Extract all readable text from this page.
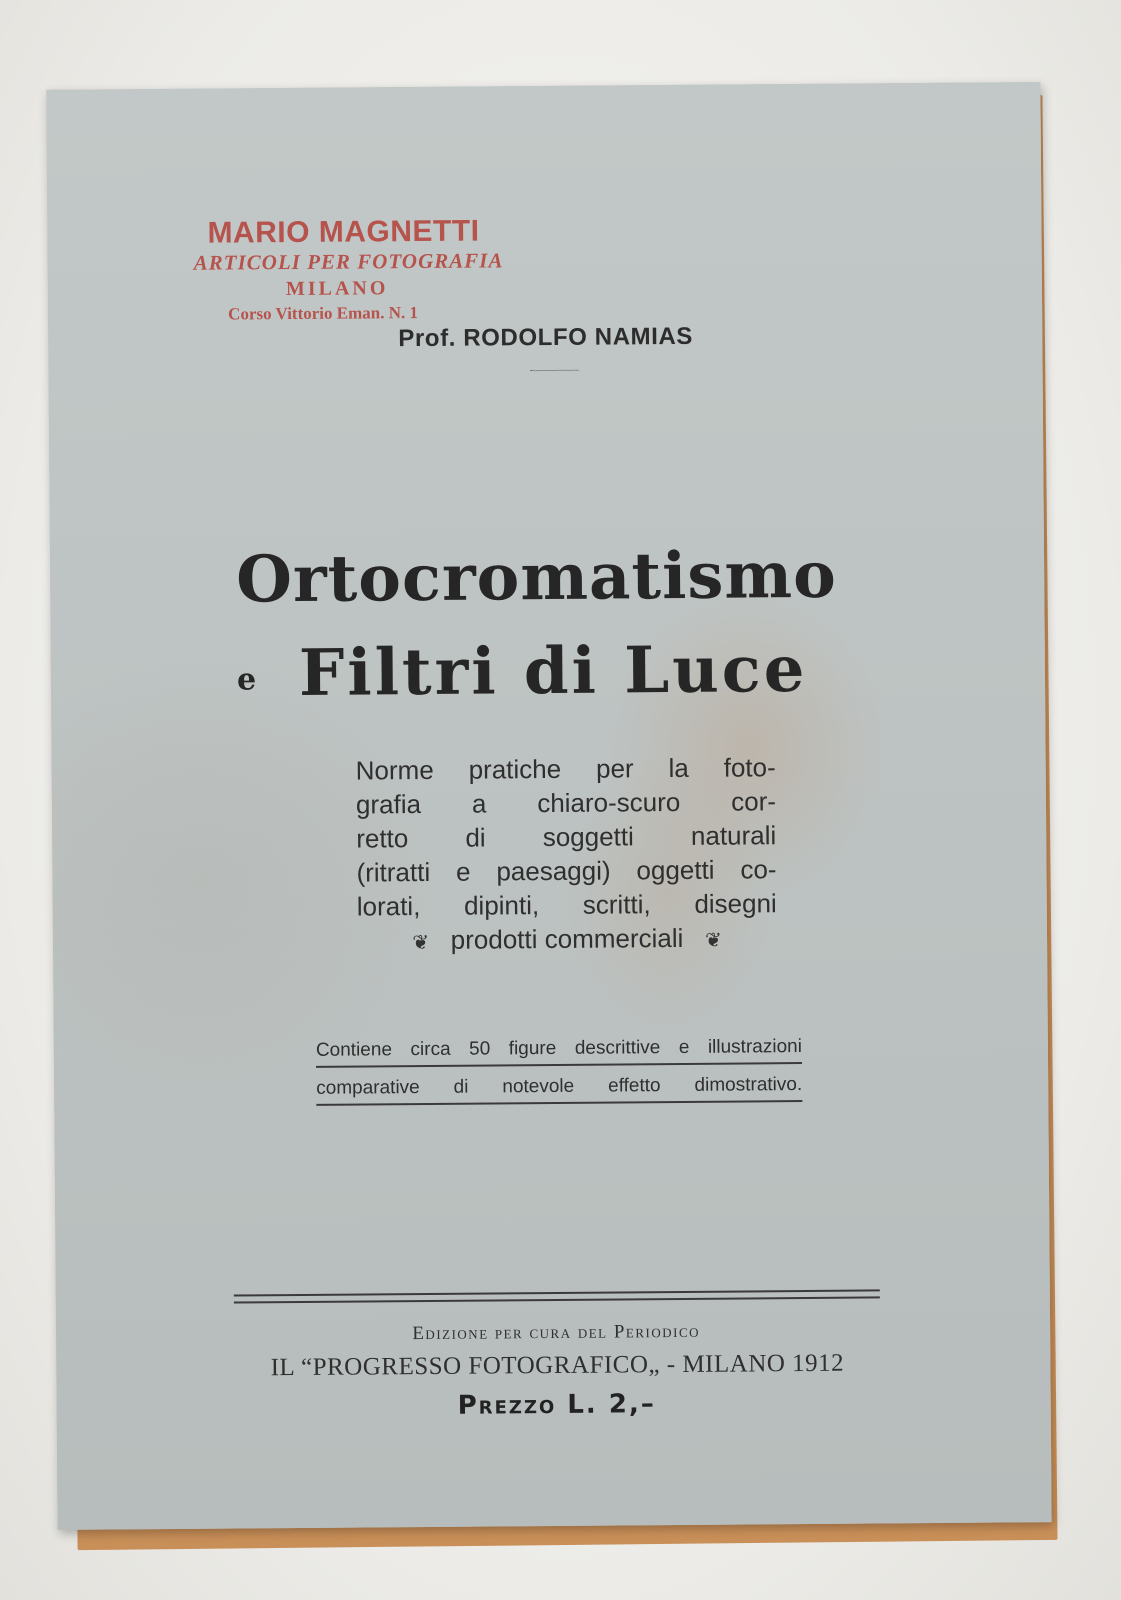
MARIO MAGNETTI
ARTICOLI PER FOTOGRAFIA
MILANO
Corso Vittorio Eman. N. 1
Prof. RODOLFO NAMIAS
Ortocromatismo
e Filtri di Luce
Norme pratiche per la foto-
grafia a chiaro-scuro cor-
retto di soggetti naturali
(ritratti e paesaggi) oggetti co-
lorati, dipinti, scritti, disegni
❦ prodotti commerciali ❦
Contiene circa 50 figure descrittive e illustrazioni
comparative di notevole effetto dimostrativo.
Edizione per cura del Periodico
IL “PROGRESSO FOTOGRAFICO„ - MILANO 1912
Prezzo L. 2,–
